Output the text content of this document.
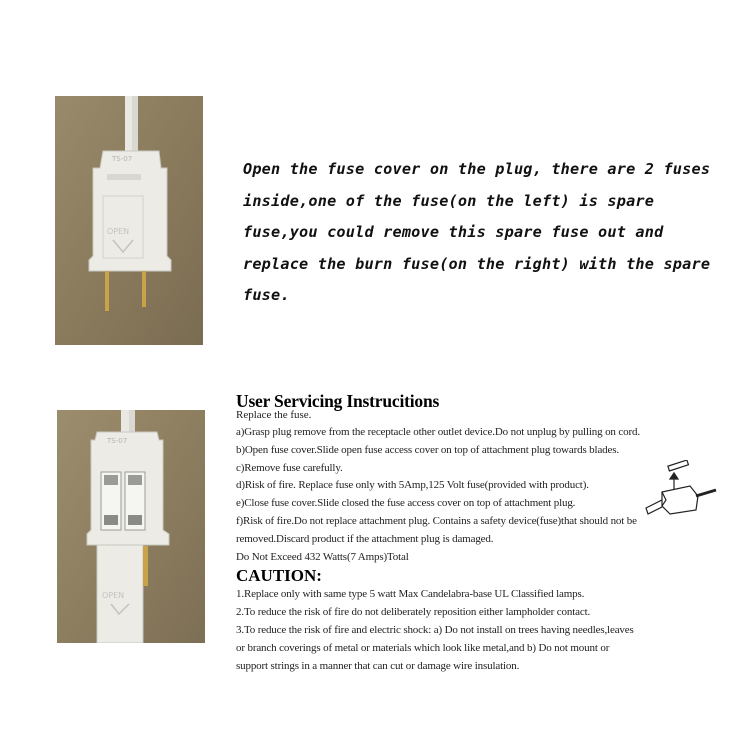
TS-07
OPEN

Open the fuse cover on the plug, there are 2 fuses

inside,one of the fuse(on the left) is spare

fuse,you could remove this spare fuse out and

replace the burn fuse(on the right) with the spare

fuse.

TS-07
OPEN
User Servicing Instrucitions
Replace the fuse.
a)Grasp plug remove from the receptacle other outlet device.Do not unplug by pulling on cord.
b)Open fuse cover.Slide open fuse access cover on top of attachment plug towards blades.
c)Remove fuse carefully.
d)Risk of fire. Replace fuse only with 5Amp,125 Volt fuse(provided with product).
e)Close fuse cover.Slide closed the fuse access cover on top of attachment plug.
f)Risk of fire.Do not replace attachment plug. Contains a safety device(fuse)that should not be
removed.Discard product if the attachment plug is damaged.
Do Not Exceed 432 Watts(7 Amps)Total
CAUTION:
1.Replace only with same type 5 watt Max Candelabra-base UL Classified lamps.
2.To reduce the risk of fire do not deliberately reposition either lampholder contact.
3.To reduce the risk of fire and electric shock: a) Do not install on trees having needles,leaves
or branch coverings of metal or materials which look like metal,and b) Do not mount or
support strings in a manner that can cut or damage wire insulation.
